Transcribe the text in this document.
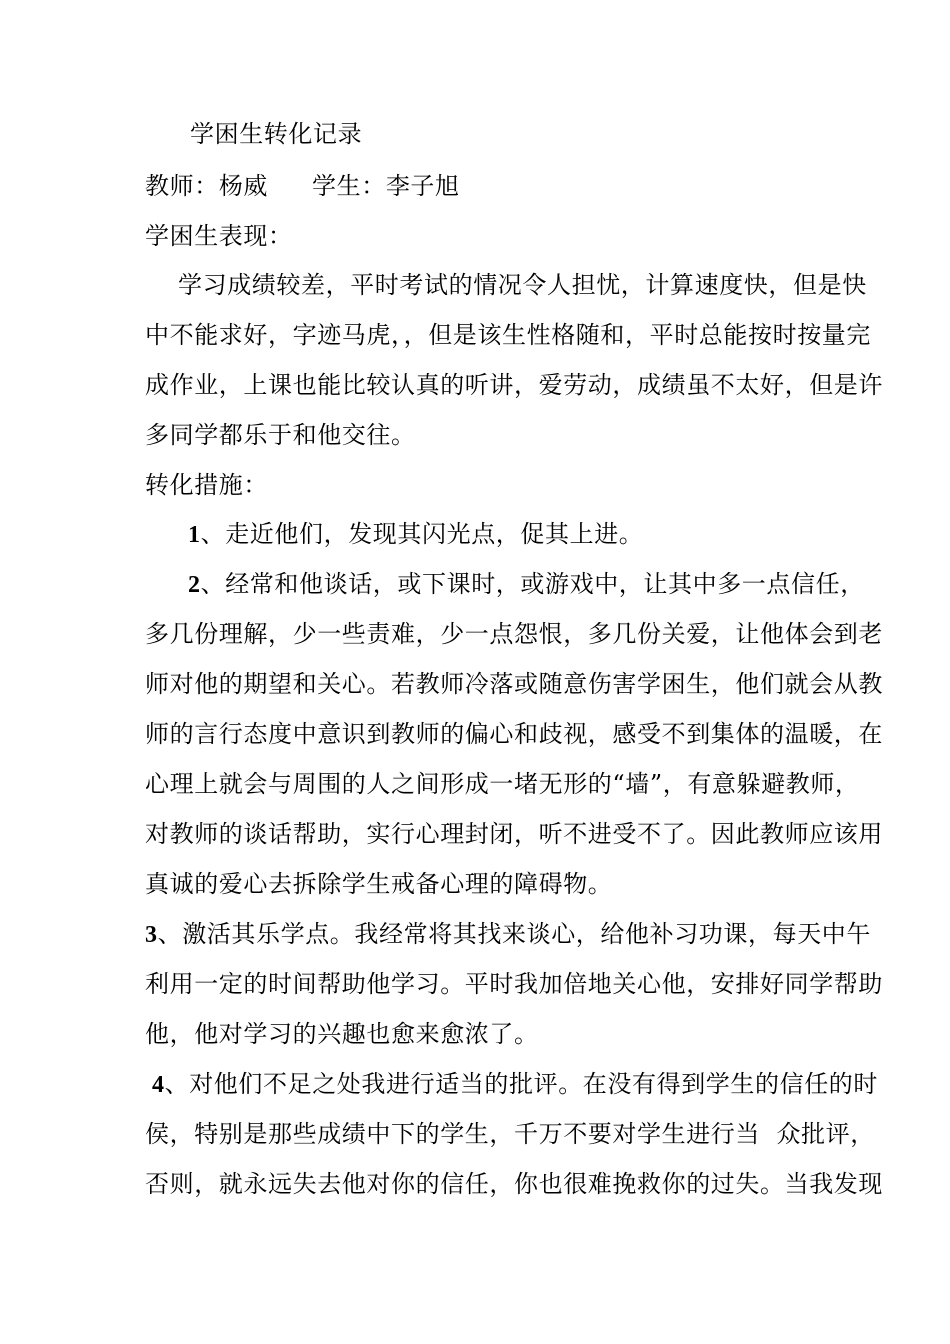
学困生转化记录
教师：杨威 学生：李子旭
学困生表现：
学习成绩较差，平时考试的情况令人担忧，计算速度快，但是快
中不能求好，字迹马虎，，但是该生性格随和，平时总能按时按量完
成作业，上课也能比较认真的听讲，爱劳动，成绩虽不太好，但是许
多同学都乐于和他交往。
转化措施：
1、走近他们，发现其闪光点，促其上进。
2、经常和他谈话，或下课时，或游戏中，让其中多一点信任，
多几份理解，少一些责难，少一点怨恨，多几份关爱，让他体会到老
师对他的期望和关心。若教师冷落或随意伤害学困生，他们就会从教
师的言行态度中意识到教师的偏心和歧视，感受不到集体的温暖，在
心理上就会与周围的人之间形成一堵无形的“墙”，有意躲避教师，
对教师的谈话帮助，实行心理封闭，听不进受不了。因此教师应该用
真诚的爱心去拆除学生戒备心理的障碍物。
3、激活其乐学点。我经常将其找来谈心，给他补习功课，每天中午
利用一定的时间帮助他学习。平时我加倍地关心他，安排好同学帮助
他，他对学习的兴趣也愈来愈浓了。
4、对他们不足之处我进行适当的批评。在没有得到学生的信任的时
侯，特别是那些成绩中下的学生，千万不要对学生进行当  众批评，
否则，就永远失去他对你的信任，你也很难挽救你的过失。当我发现
